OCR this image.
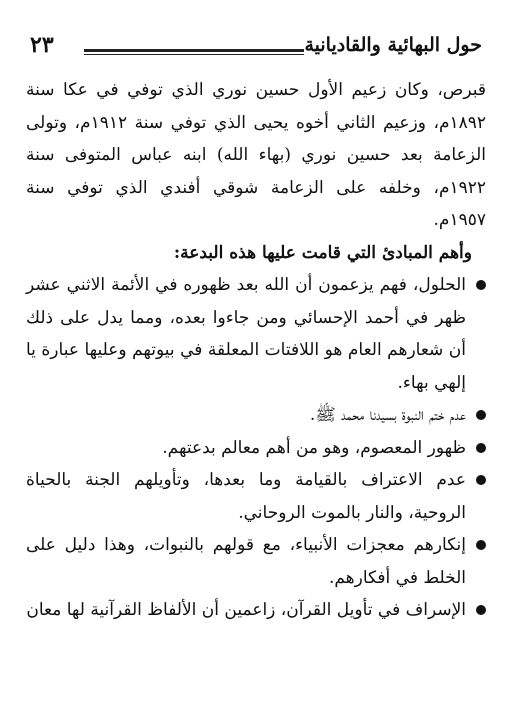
حول البهائية والقاديانية
٢٣

قبرص، وكان زعيم الأول حسين نوري الذي توفي في عكا سنة ١٨٩٢م، وزعيم الثاني أخوه يحيى الذي توفي سنة ١٩١٢م، وتولى الزعامة بعد حسين نوري (بهاء الله) ابنه عباس المتوفى سنة ١٩٢٢م، وخلفه على الزعامة شوقي أفندي الذي توفي سنة ١٩٥٧م.

وأهم المبادئ التي قامت عليها هذه البدعة:

الحلول، فهم يزعمون أن الله بعد ظهوره في الأئمة الاثني عشر ظهر في أحمد الإحسائي ومن جاءوا بعده، ومما يدل على ذلك أن شعارهم العام هو اللافتات المعلقة في بيوتهم وعليها عبارة يا إلهي بهاء.
عدم ختم النبوة بسيدنا محمد ﷺ.
ظهور المعصوم، وهو من أهم معالم بدعتهم.
عدم الاعتراف بالقيامة وما بعدها، وتأويلهم الجنة بالحياة الروحية، والنار بالموت الروحاني.
إنكارهم معجزات الأنبياء، مع قولهم بالنبوات، وهذا دليل على الخلط في أفكارهم.
الإسراف في تأويل القرآن، زاعمين أن الألفاظ القرآنية لها معان
